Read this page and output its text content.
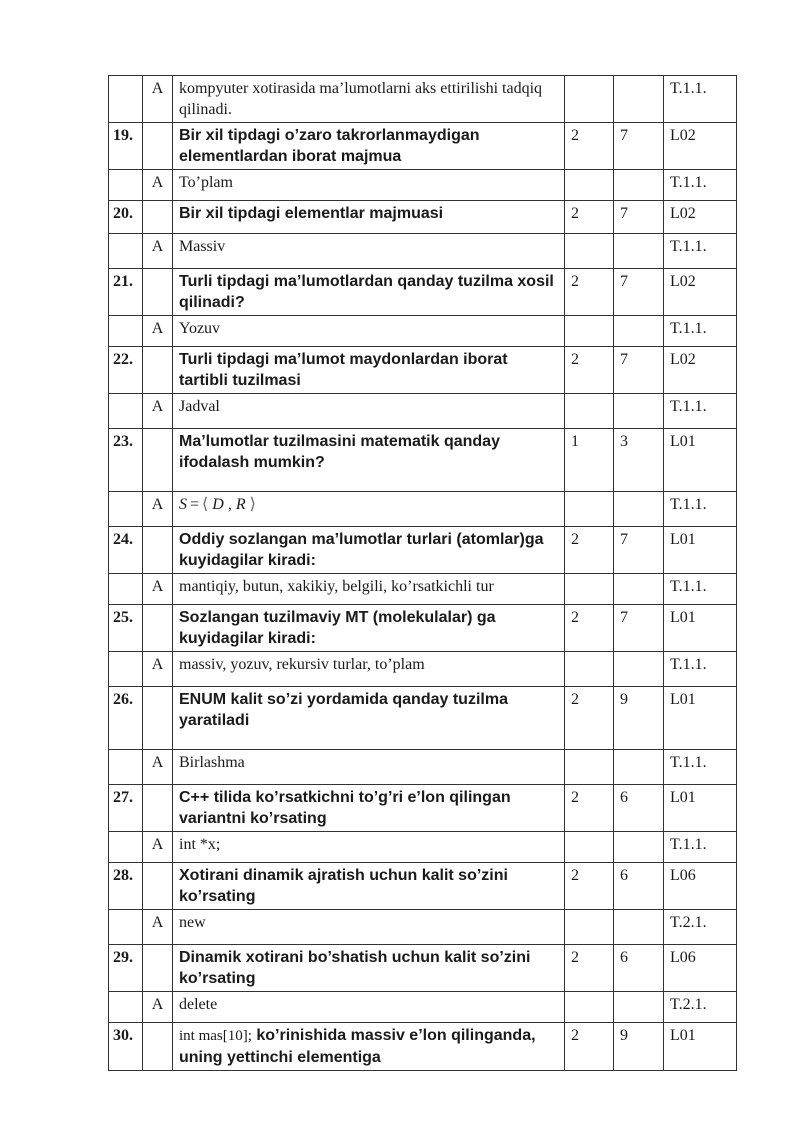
	A	kompyuter xotirasida ma’lumotlarni aks ettirilishi tadqiq qilinadi.			T.1.1.
19.		Bir xil tipdagi o’zaro takrorlanmaydigan elementlardan iborat majmua	2	7	L02
	A	To’plam			T.1.1.
20.		Bir xil tipdagi elementlar majmuasi	2	7	L02
	A	Massiv			T.1.1.
21.		Turli tipdagi ma’lumotlardan qanday tuzilma xosil qilinadi?	2	7	L02
	A	Yozuv			T.1.1.
22.		Turli tipdagi ma’lumot maydonlardan iborat tartibli tuzilmasi	2	7	L02
	A	Jadval			T.1.1.
23.		Ma’lumotlar tuzilmasini matematik qanday ifodalash mumkin?	1	3	L01
	A	S = ⟨ D , R ⟩			T.1.1.
24.		Oddiy sozlangan ma’lumotlar turlari (atomlar)ga kuyidagilar kiradi:	2	7	L01
	A	mantiqiy, butun, xakikiy, belgili, ko’rsatkichli tur			T.1.1.
25.		Sozlangan tuzilmaviy MT (molekulalar) ga kuyidagilar kiradi:	2	7	L01
	A	massiv, yozuv, rekursiv turlar, to’plam			T.1.1.
26.		ENUM kalit so’zi yordamida qanday tuzilma yaratiladi	2	9	L01
	A	Birlashma			T.1.1.
27.		C++ tilida ko’rsatkichni to’g’ri e’lon qilingan variantni ko’rsating	2	6	L01
	A	int *x;			T.1.1.
28.		Xotirani dinamik ajratish uchun kalit so’zini ko’rsating	2	6	L06
	A	new			T.2.1.
29.		Dinamik xotirani bo’shatish uchun kalit so’zini ko’rsating	2	6	L06
	A	delete			T.2.1.
30.		int mas[10]; ko’rinishida massiv e’lon qilinganda, uning yettinchi elementiga	2	9	L01
